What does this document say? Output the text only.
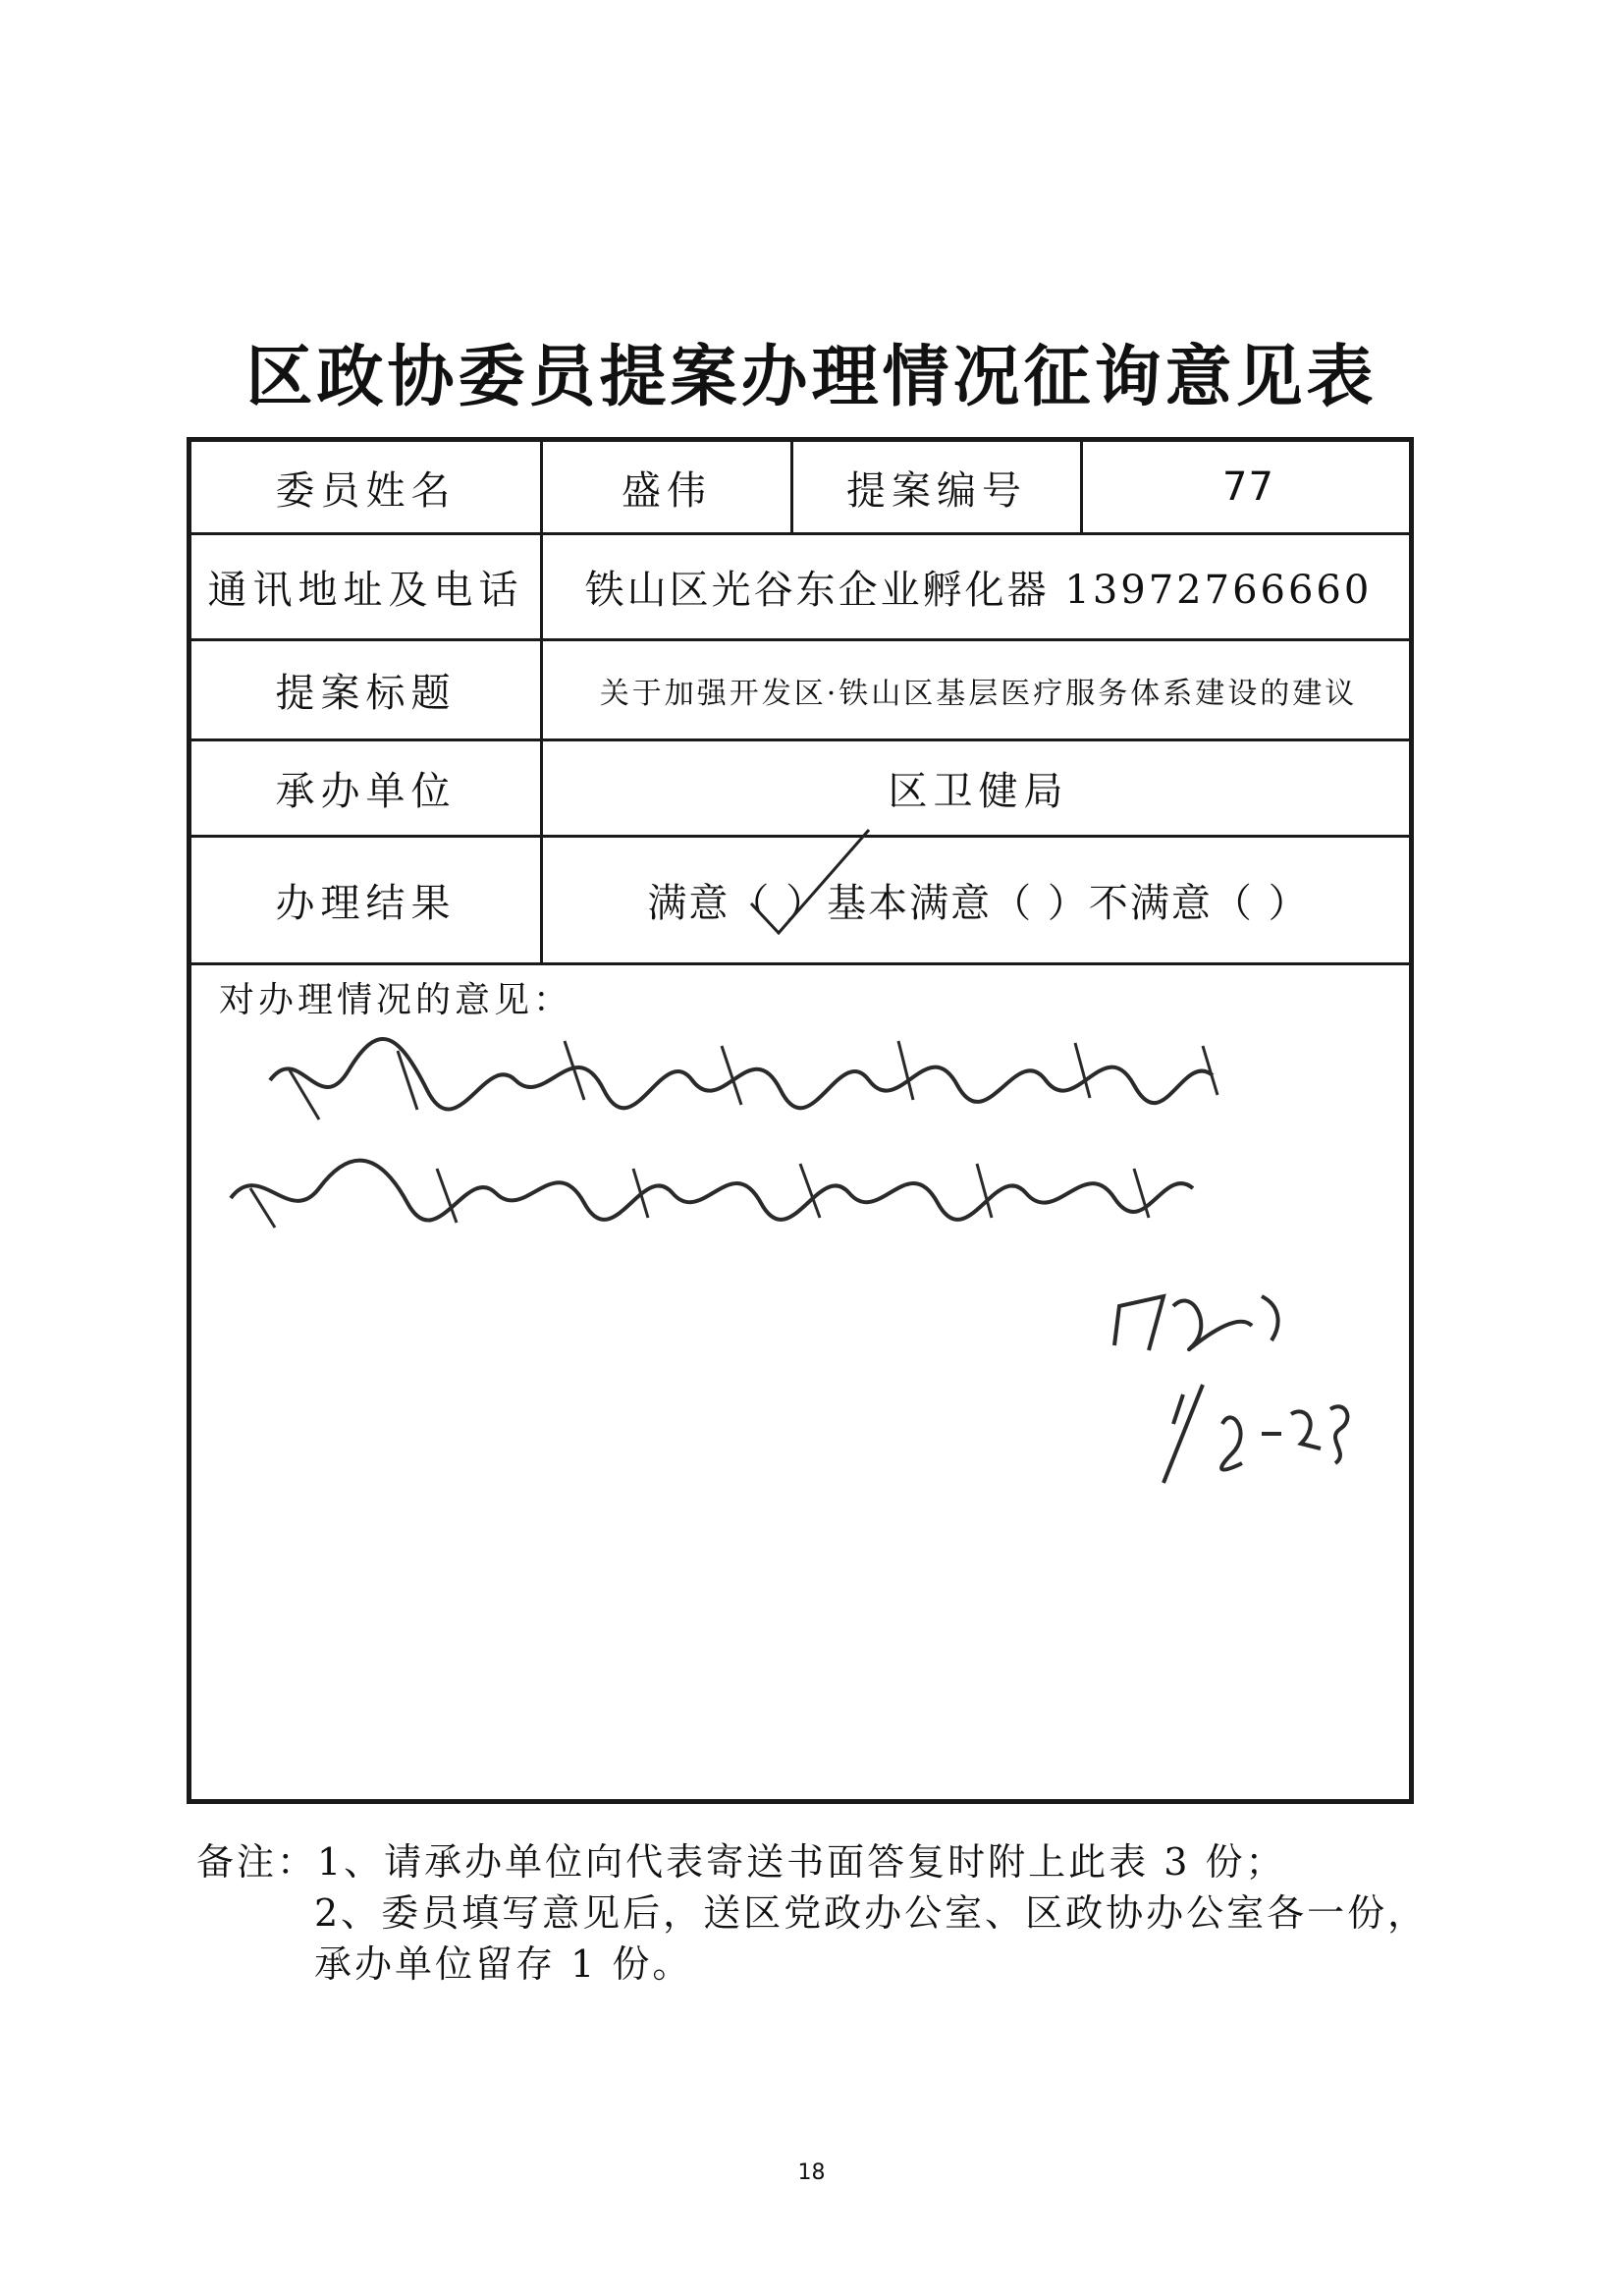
区政协委员提案办理情况征询意见表
委员姓名	盛伟	提案编号	77
通讯地址及电话	铁山区光谷东企业孵化器 13972766660
提案标题	关于加强开发区·铁山区基层医疗服务体系建设的建议
承办单位	区卫健局
办理结果	满意（ ）基本满意（ ）不满意（ ）
对办理情况的意见：
备注：1、请承办单位向代表寄送书面答复时附上此表 3 份；
2、委员填写意见后，送区党政办公室、区政协办公室各一份，
承办单位留存 1 份。
18
